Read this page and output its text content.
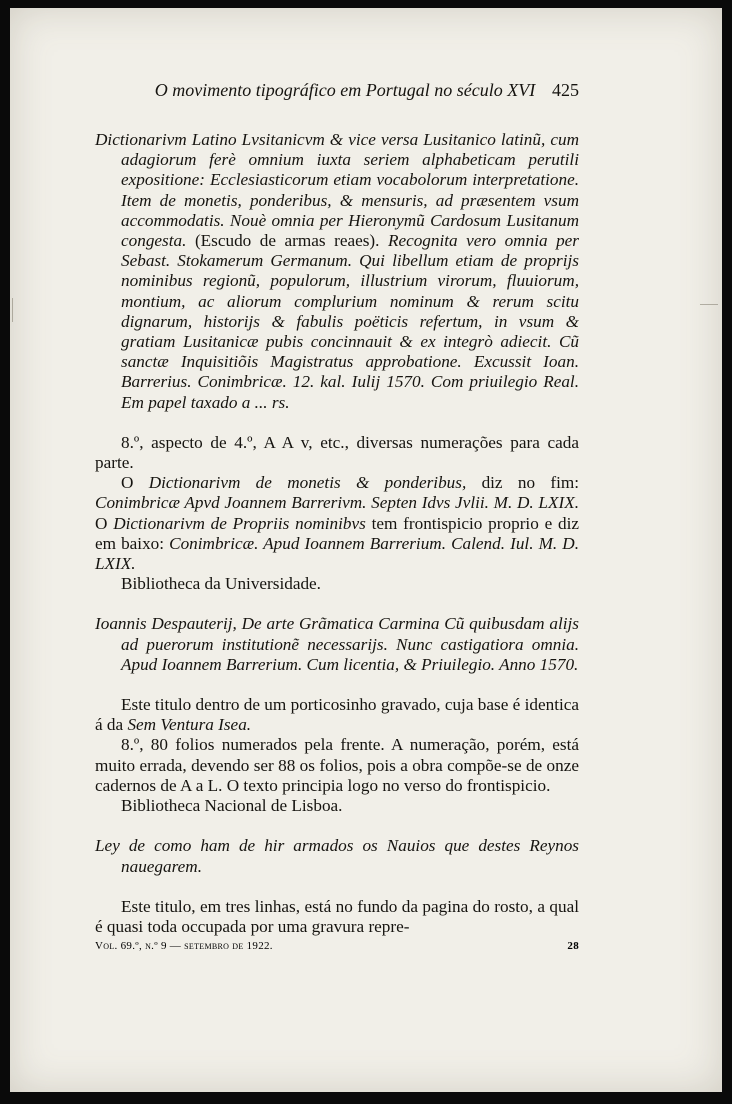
O movimento tipográfico em Portugal no século XVI 425

Dictionarivm Latino Lvsitanicvm & vice versa Lusitanico latinũ, cum adagiorum ferè omnium iuxta seriem alphabeticam perutili expositione: Ecclesiasticorum etiam vocabolorum interpretatione. Item de monetis, ponderibus, & mensuris, ad præsentem vsum accommodatis. Nouè omnia per Hieronymũ Cardosum Lusitanum congesta. (Escudo de armas reaes). Recognita vero omnia per Sebast. Stokamerum Germanum. Qui libellum etiam de proprijs nominibus regionũ, populorum, illustrium virorum, fluuiorum, montium, ac aliorum complurium nominum & rerum scitu dignarum, historijs & fabulis poëticis refertum, in vsum & gratiam Lusitanicæ pubis concinnauit & ex integrò adiecit. Cũ sanctæ Inquisitiõis Magistratus approbatione. Excussit Ioan. Barrerius. Conimbricæ. 12. kal. Iulij 1570. Com priuilegio Real. Em papel taxado a ... rs.

8.º, aspecto de 4.º, A A v, etc., diversas numerações para cada parte.

O Dictionarivm de monetis & ponderibus, diz no fim: Conimbricæ Apvd Joannem Barrerivm. Septen Idvs Jvlii. M. D. LXIX. O Dictionarivm de Propriis nominibvs tem frontispicio proprio e diz em baixo: Conimbricæ. Apud Ioannem Barrerium. Calend. Iul. M. D. LXIX.

Bibliotheca da Universidade.

Ioannis Despauterij, De arte Grãmatica Carmina Cũ quibusdam alijs ad puerorum institutionẽ necessarijs. Nunc castigatiora omnia. Apud Ioannem Barrerium. Cum licentia, & Priuilegio. Anno 1570.

Este titulo dentro de um porticosinho gravado, cuja base é identica á da Sem Ventura Isea.

8.º, 80 folios numerados pela frente. A numeração, porém, está muito errada, devendo ser 88 os folios, pois a obra compõe-se de onze cadernos de A a L. O texto principia logo no verso do frontispicio.

Bibliotheca Nacional de Lisboa.

Ley de como ham de hir armados os Nauios que destes Reynos nauegarem.

Este titulo, em tres linhas, está no fundo da pagina do rosto, a qual é quasi toda occupada por uma gravura repre-

Vol. 69.º, n.º 9 — setembro de 1922.	28
